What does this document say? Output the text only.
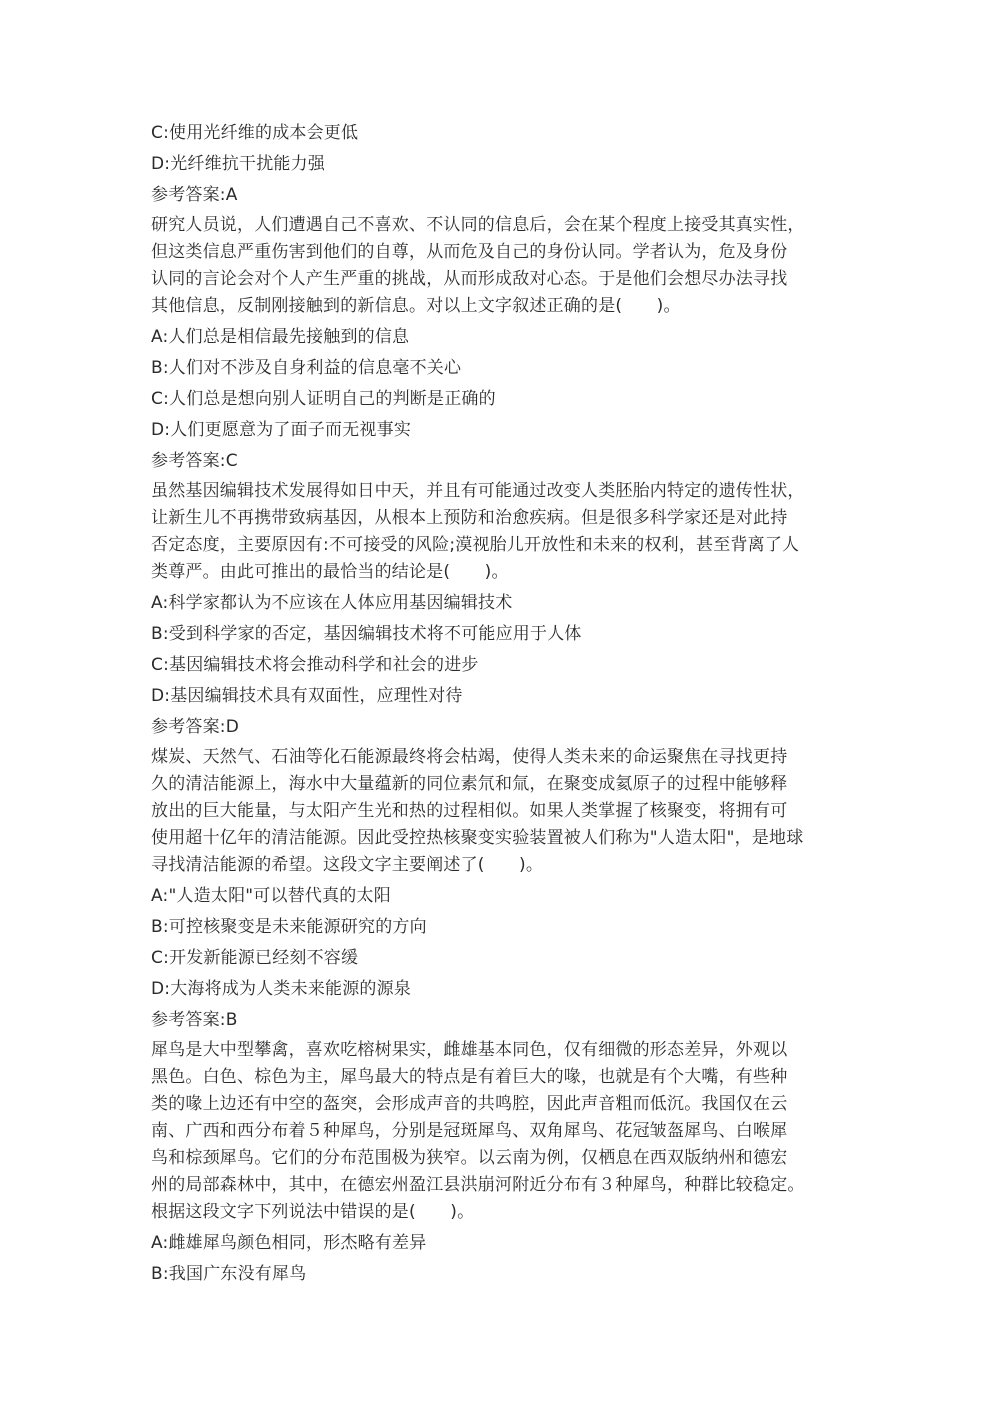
C:使用光纤维的成本会更低
D:光纤维抗干扰能力强
参考答案:A
研究人员说，人们遭遇自己不喜欢、不认同的信息后，会在某个程度上接受其真实性，
但这类信息严重伤害到他们的自尊，从而危及自己的身份认同。学者认为，危及身份
认同的言论会对个人产生严重的挑战，从而形成敌对心态。于是他们会想尽办法寻找
其他信息，反制刚接触到的新信息。对以上文字叙述正确的是(　　)。
A:人们总是相信最先接触到的信息
B:人们对不涉及自身利益的信息毫不关心
C:人们总是想向别人证明自己的判断是正确的
D:人们更愿意为了面子而无视事实
参考答案:C
虽然基因编辑技术发展得如日中天，并且有可能通过改变人类胚胎内特定的遗传性状，
让新生儿不再携带致病基因，从根本上预防和治愈疾病。但是很多科学家还是对此持
否定态度，主要原因有:不可接受的风险;漠视胎儿开放性和未来的权利，甚至背离了人
类尊严。由此可推出的最恰当的结论是(　　)。
A:科学家都认为不应该在人体应用基因编辑技术
B:受到科学家的否定，基因编辑技术将不可能应用于人体
C:基因编辑技术将会推动科学和社会的进步
D:基因编辑技术具有双面性，应理性对待
参考答案:D
煤炭、天然气、石油等化石能源最终将会枯竭，使得人类未来的命运聚焦在寻找更持
久的清洁能源上，海水中大量蕴新的同位素氘和氚，在聚变成氦原子的过程中能够释
放出的巨大能量，与太阳产生光和热的过程相似。如果人类掌握了核聚变，将拥有可
使用超十亿年的清洁能源。因此受控热核聚变实验装置被人们称为"人造太阳"，是地球
寻找清洁能源的希望。这段文字主要阐述了(　　)。
A:"人造太阳"可以替代真的太阳
B:可控核聚变是未来能源研究的方向
C:开发新能源已经刻不容缓
D:大海将成为人类未来能源的源泉
参考答案:B
犀鸟是大中型攀禽，喜欢吃榕树果实，雌雄基本同色，仅有细微的形态差异，外观以
黑色。白色、棕色为主，犀鸟最大的特点是有着巨大的喙，也就是有个大嘴，有些种
类的喙上边还有中空的盔突，会形成声音的共鸣腔，因此声音粗而低沉。我国仅在云
南、广西和西分布着５种犀鸟，分别是冠斑犀鸟、双角犀鸟、花冠皱盔犀鸟、白喉犀
鸟和棕颈犀鸟。它们的分布范围极为狭窄。以云南为例，仅栖息在西双版纳州和德宏
州的局部森林中，其中，在德宏州盈江县洪崩河附近分布有３种犀鸟，种群比较稳定。
根据这段文字下列说法中错误的是(　　)。
A:雌雄犀鸟颜色相同，形杰略有差异
B:我国广东没有犀鸟
